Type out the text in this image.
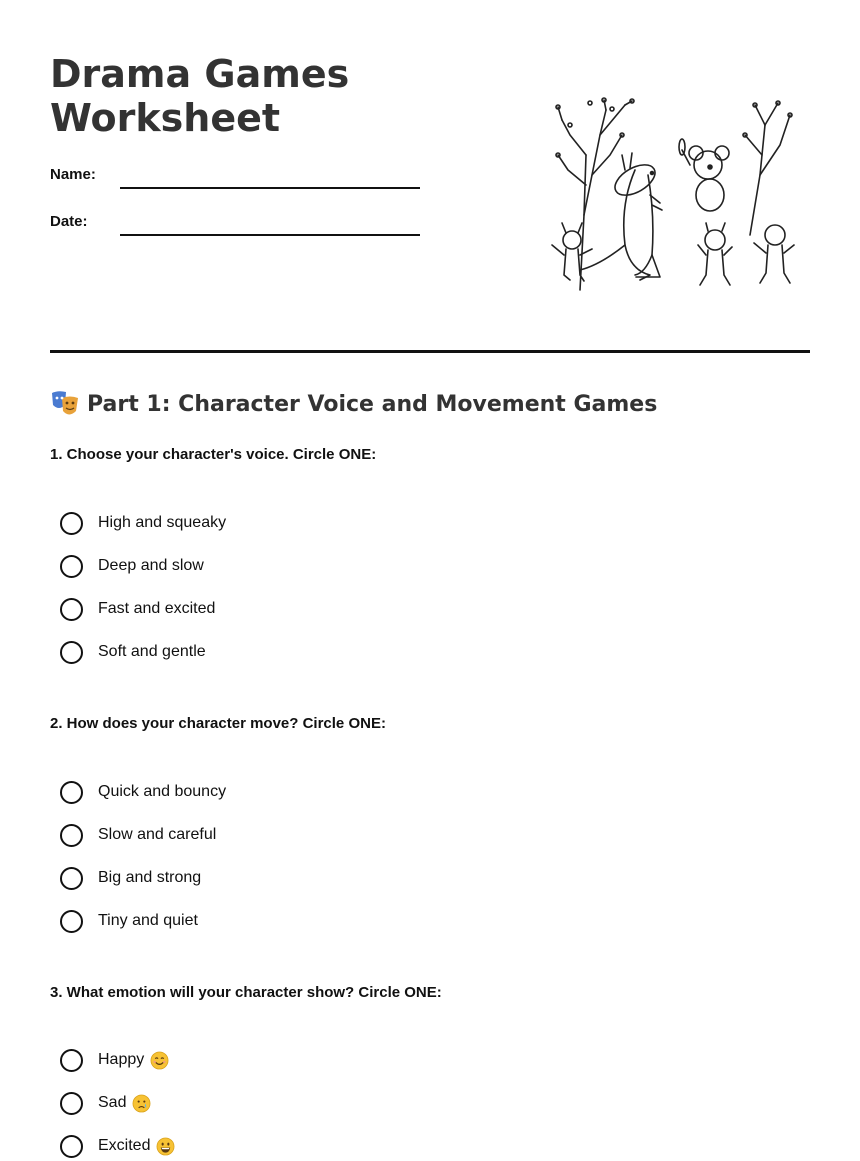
Drama Games Worksheet
Name:
Date:
Part 1: Character Voice and Movement Games

1. Choose your character's voice. Circle ONE:

High and squeaky
Deep and slow
Fast and excited
Soft and gentle

2. How does your character move? Circle ONE:

Quick and bouncy
Slow and careful
Big and strong
Tiny and quiet

3. What emotion will your character show? Circle ONE:

Happy
Sad
Excited
